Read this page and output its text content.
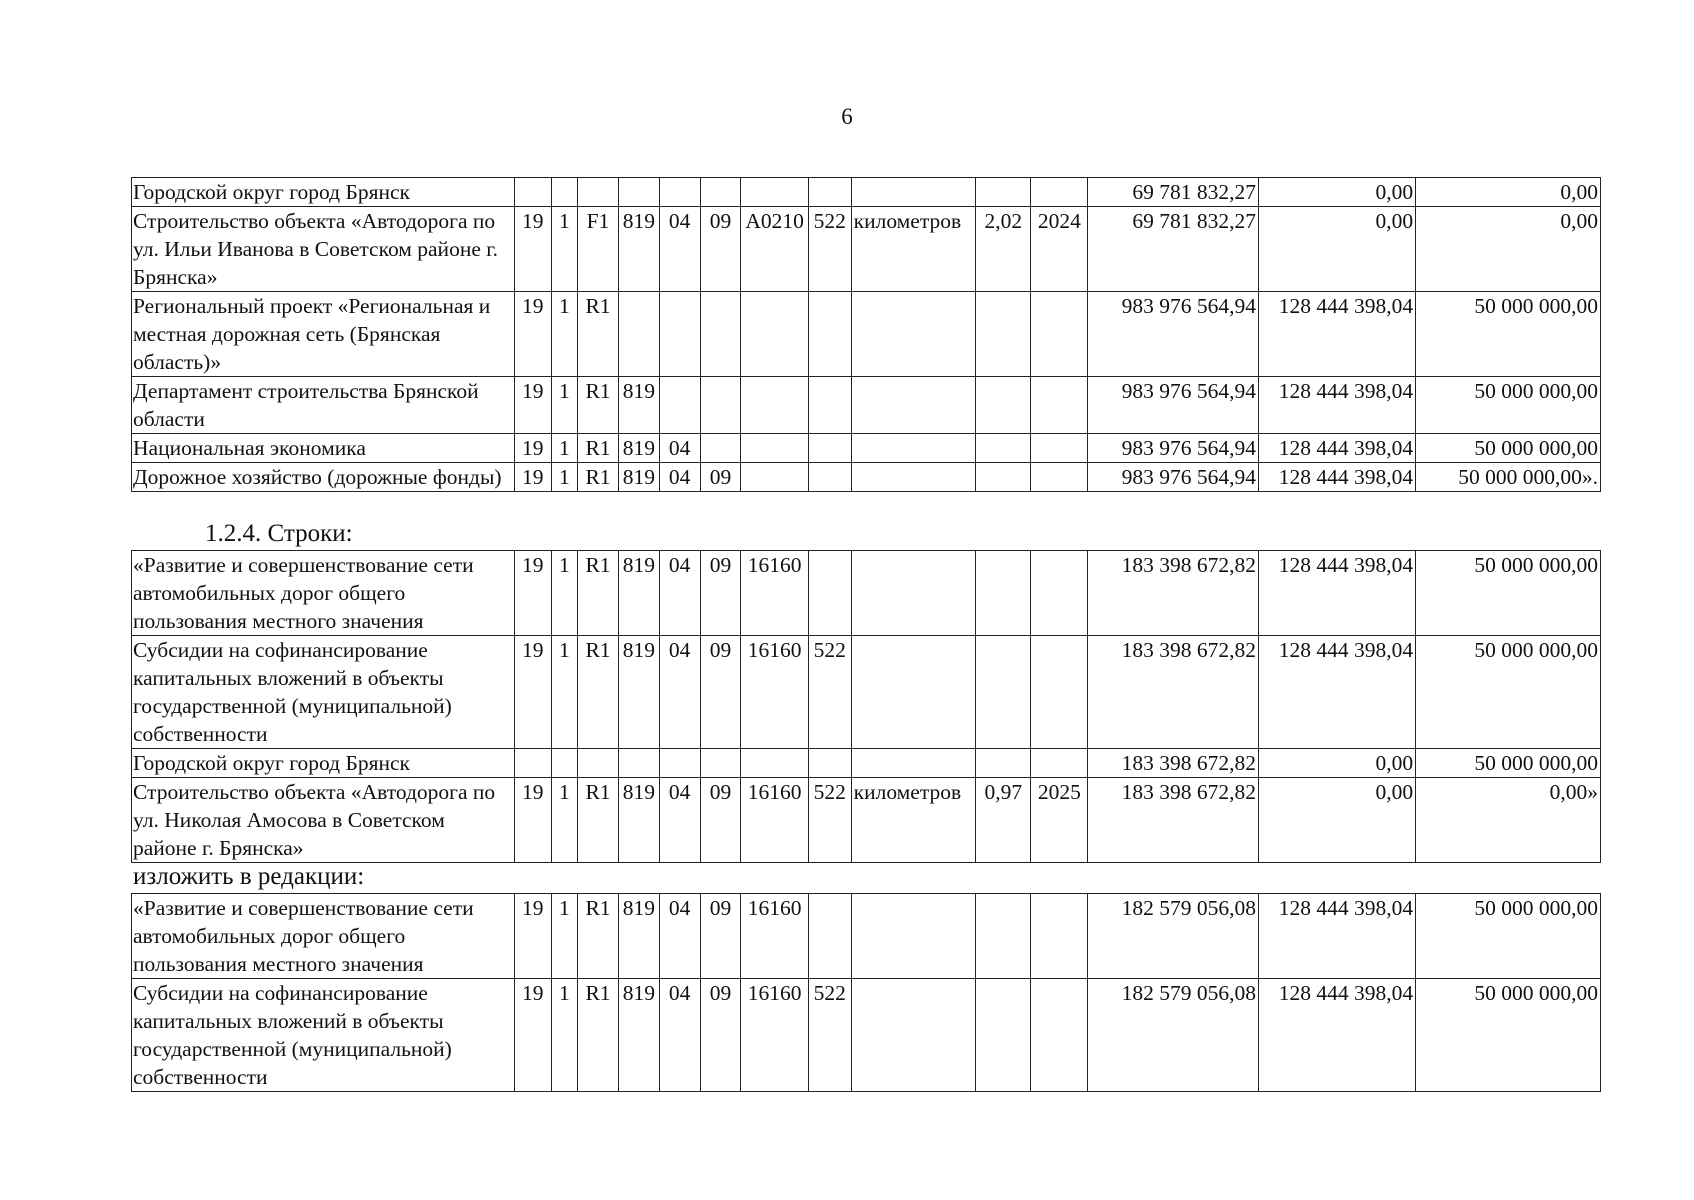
6
Городской округ город Брянск												69 781 832,27	0,00	0,00
Строительство объекта «Автодорога по ул. Ильи Иванова в Советском районе г. Брянска»	19	1	F1	819	04	09	А0210	522	километров	2,02	2024	69 781 832,27	0,00	0,00
Региональный проект «Региональная и местная дорожная сеть (Брянская область)»	19	1	R1									983 976 564,94	128 444 398,04	50 000 000,00
Департамент строительства Брянской области	19	1	R1	819								983 976 564,94	128 444 398,04	50 000 000,00
Национальная экономика	19	1	R1	819	04							983 976 564,94	128 444 398,04	50 000 000,00
Дорожное хозяйство (дорожные фонды)	19	1	R1	819	04	09						983 976 564,94	128 444 398,04	50 000 000,00».
1.2.4. Строки:
«Развитие и совершенствование сети автомобильных дорог общего пользования местного значения	19	1	R1	819	04	09	16160					183 398 672,82	128 444 398,04	50 000 000,00
Субсидии на софинансирование капитальных вложений в объекты государственной (муниципальной) собственности	19	1	R1	819	04	09	16160	522				183 398 672,82	128 444 398,04	50 000 000,00
Городской округ город Брянск												183 398 672,82	0,00	50 000 000,00
Строительство объекта «Автодорога по ул. Николая Амосова в Советском районе г. Брянска»	19	1	R1	819	04	09	16160	522	километров	0,97	2025	183 398 672,82	0,00	0,00»
изложить в редакции:
«Развитие и совершенствование сети автомобильных дорог общего пользования местного значения	19	1	R1	819	04	09	16160					182 579 056,08	128 444 398,04	50 000 000,00
Субсидии на софинансирование капитальных вложений в объекты государственной (муниципальной) собственности	19	1	R1	819	04	09	16160	522				182 579 056,08	128 444 398,04	50 000 000,00
